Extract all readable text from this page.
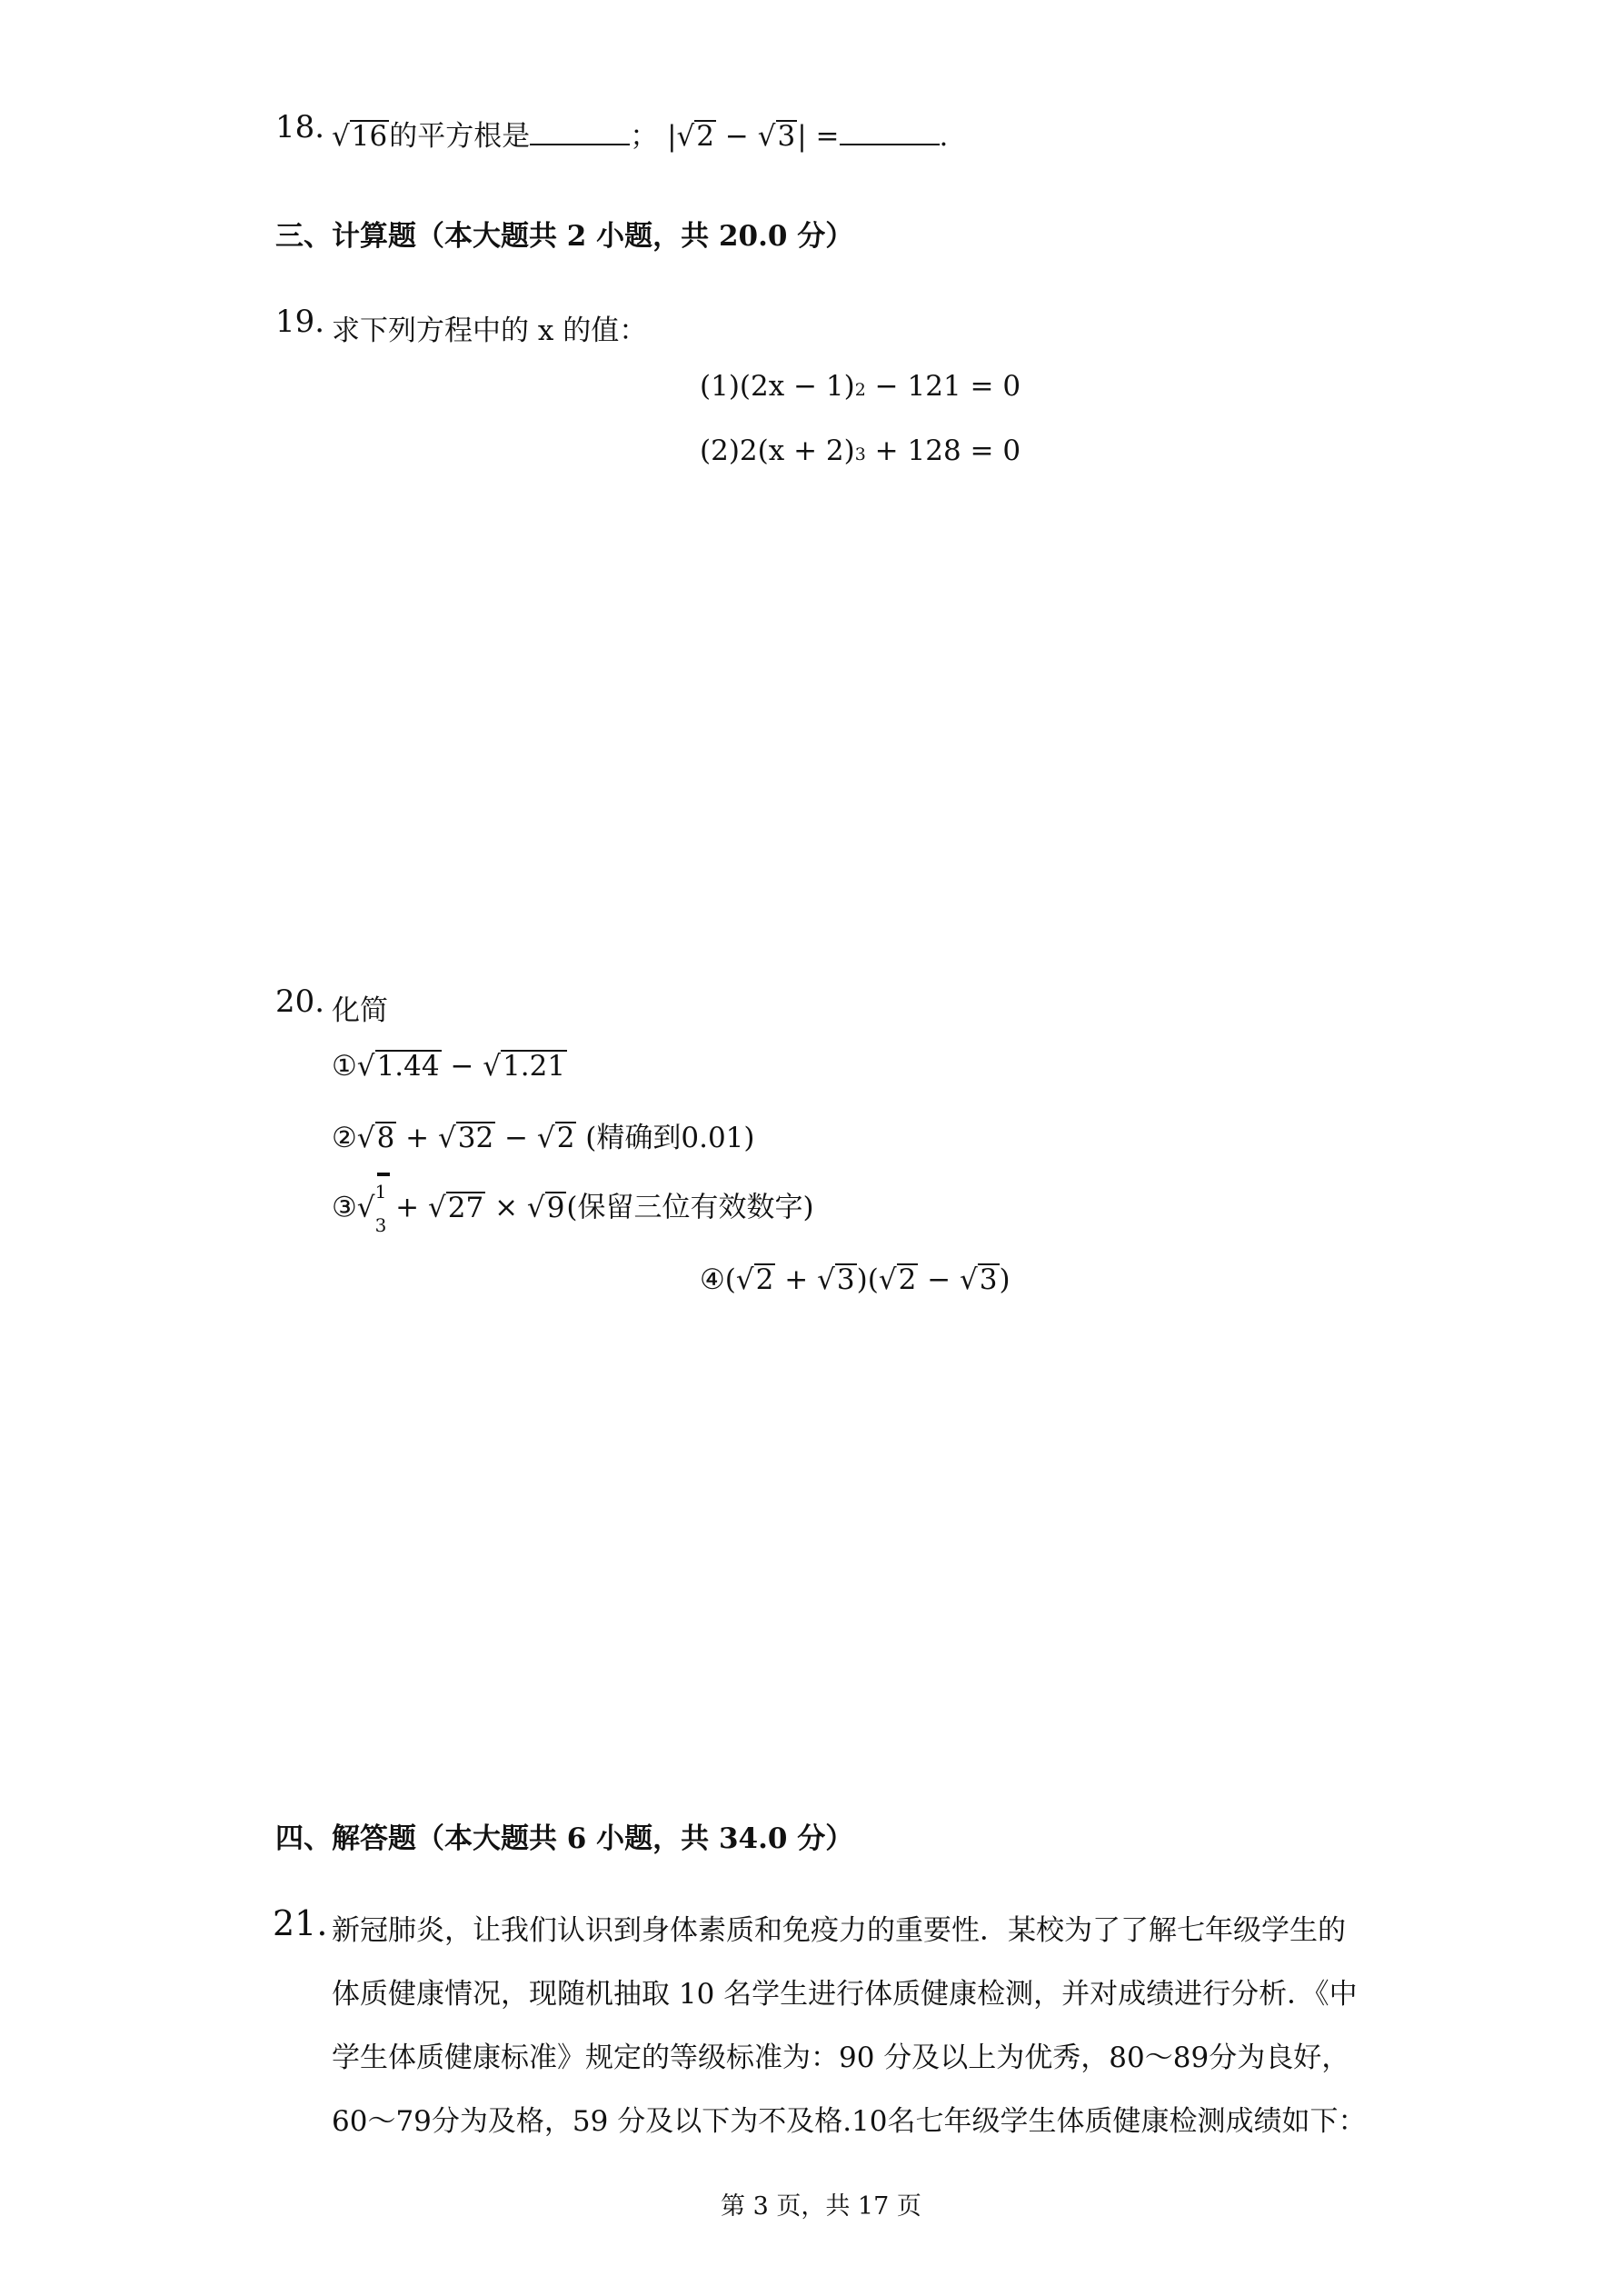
18. √16的平方根是	； |√2 − √3| =	.
三、计算题（本大题共 2 小题，共 20.0 分）
19. 求下列方程中的 x 的值：
(1)(2x − 1)2 − 121 = 0
(2)2(x + 2)3 + 128 = 0
20. 化简
①√1.44 − √1.21
②√8 + √32 − √2 (精确到0.01)
③√ 1
3
+ √27 × √9(保留三位有效数字)
④(√2 + √3)(√2 − √3)
四、解答题（本大题共 6 小题，共 34.0 分）
21. 新冠肺炎，让我们认识到身体素质和免疫力的重要性．某校为了了解七年级学生的
体质健康情况，现随机抽取 10 名学生进行体质健康检测，并对成绩进行分析．《中
学生体质健康标准》规定的等级标准为：90 分及以上为优秀，80～89分为良好，
60～79分为及格，59 分及以下为不及格.10名七年级学生体质健康检测成绩如下：
第 3 页，共 17 页
